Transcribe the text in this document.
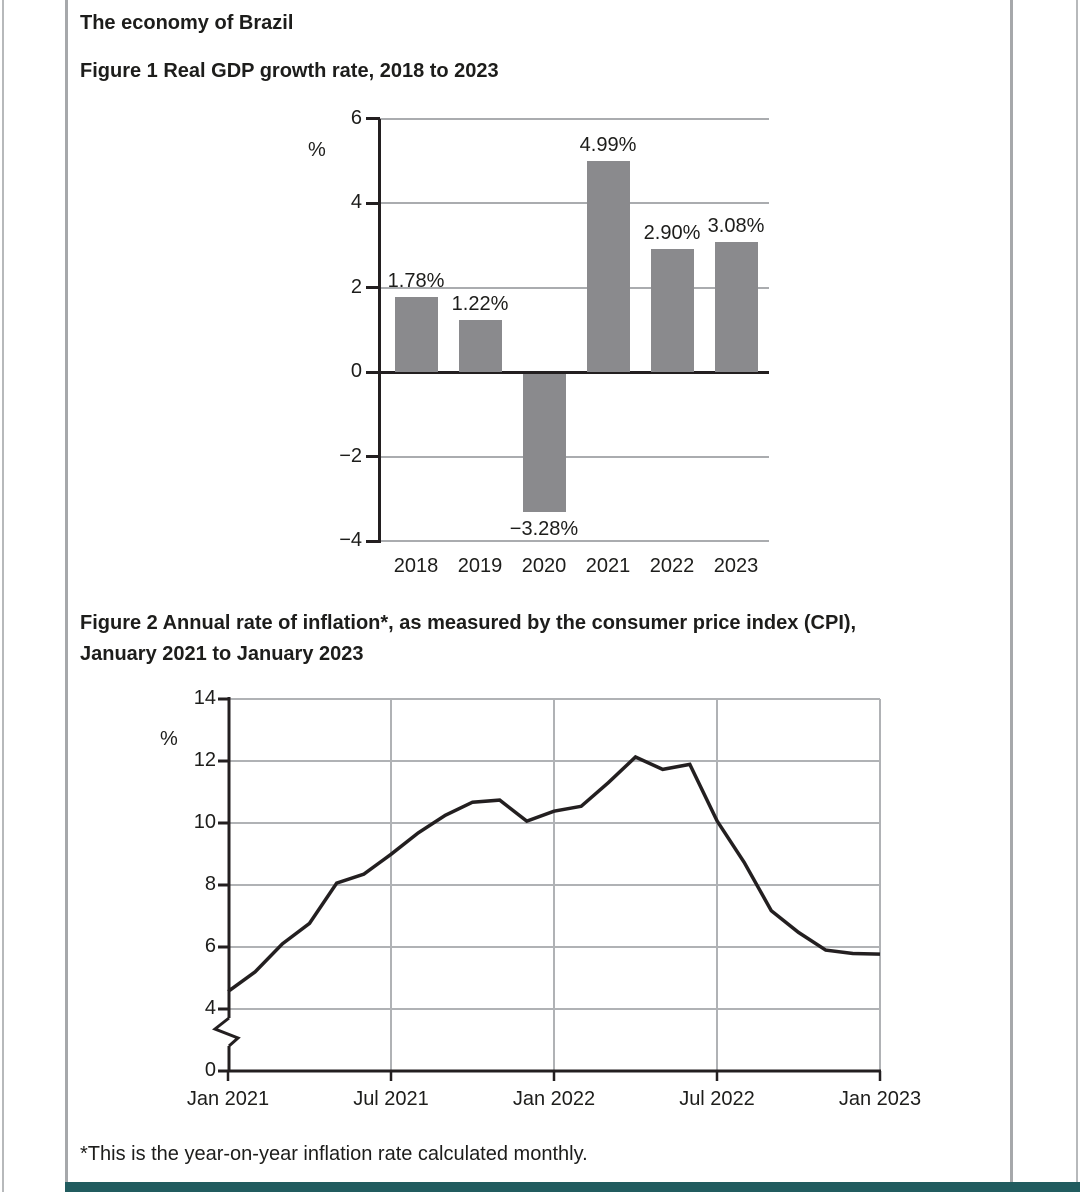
The economy of Brazil
Figure 1 Real GDP growth rate, 2018 to 2023
6
4
2
0
−2
−4
%
1.78%
2018
1.22%
2019
−3.28%
2020
4.99%
2021
2.90%
2022
3.08%
2023
Figure 2 Annual rate of inflation*, as measured by the consumer price index (CPI),
January 2021 to January 2023
14
12
10
8
6
4
0
%
Jan 2021	Jul 2021	Jan 2022	Jul 2022	Jan 2023
*This is the year-on-year inflation rate calculated monthly.
